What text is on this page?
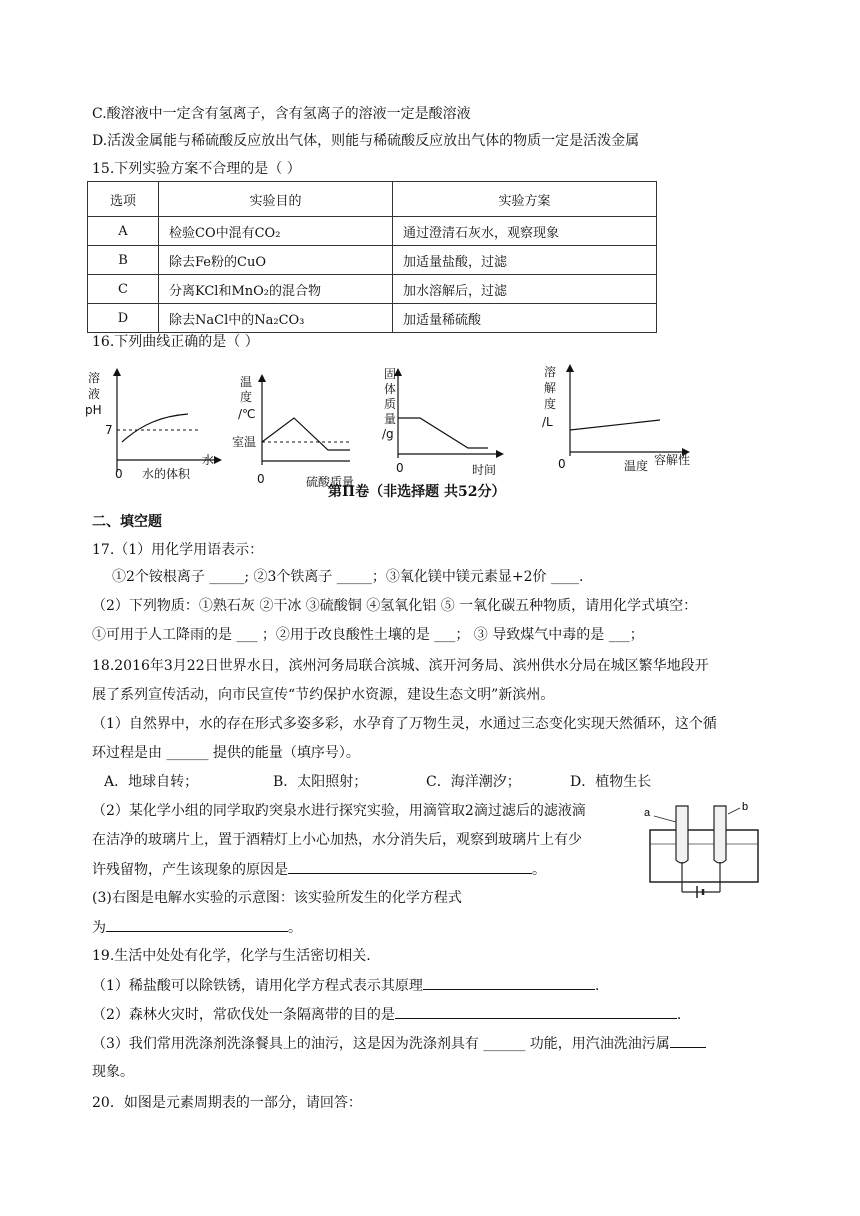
C.酸溶液中一定含有氢离子，含有氢离子的溶液一定是酸溶液
D.活泼金属能与稀硫酸反应放出气体，则能与稀硫酸反应放出气体的物质一定是活泼金属
15.下列实验方案不合理的是（ ）
选项	实验目的	实验方案
A	检验CO中混有CO₂	通过澄清石灰水，观察现象
B	除去Fe粉的CuO	加适量盐酸，过滤
C	分离KCl和MnO₂的混合物	加水溶解后，过滤
D	除去NaCl中的Na₂CO₃	加适量稀硫酸
16.下列曲线正确的是（ ）
溶
液
pH
7
0 水的体积
水
温
度
/℃
室温
0	硫酸质量
固
体
质
量
/g
0	时间
溶
解
度
/L
0	温度 容解性
第II卷（非选择题 共52分）
二、填空题
17.（1）用化学用语表示：
①2个铵根离子 _____; ②3个铁离子 _____；③氧化镁中镁元素显+2价 ____.
（2）下列物质：①熟石灰 ②干冰 ③硫酸铜 ④氢氧化铝 ⑤ 一氧化碳五种物质，请用化学式填空：
①可用于人工降雨的是 ___ ；②用于改良酸性土壤的是 ___； ③ 导致煤气中毒的是 ___；
18.2016年3月22日世界水日，滨州河务局联合滨城、滨开河务局、滨州供水分局在城区繁华地段开
展了系列宣传活动，向市民宣传“节约保护水资源，建设生态文明”新滨州。
（1）自然界中，水的存在形式多姿多彩，水孕育了万物生灵，水通过三态变化实现天然循环，这个循
环过程是由 ______ 提供的能量（填序号）。
A．地球自转；	B．太阳照射；	C．海洋潮汐；	D．植物生长
（2）某化学小组的同学取趵突泉水进行探究实验，用滴管取2滴过滤后的滤液滴
在洁净的玻璃片上，置于酒精灯上小心加热，水分消失后，观察到玻璃片上有少
许残留物，产生该现象的原因是	。
(3)右图是电解水实验的示意图：该实验所发生的化学方程式
为	。
a	b
19.生活中处处有化学，化学与生活密切相关.
（1）稀盐酸可以除铁锈，请用化学方程式表示其原理	.
（2）森林火灾时，常砍伐处一条隔离带的目的是	.
（3）我们常用洗涤剂洗涤餐具上的油污，这是因为洗涤剂具有 ______ 功能，用汽油洗油污属
现象。
20．如图是元素周期表的一部分，请回答：
